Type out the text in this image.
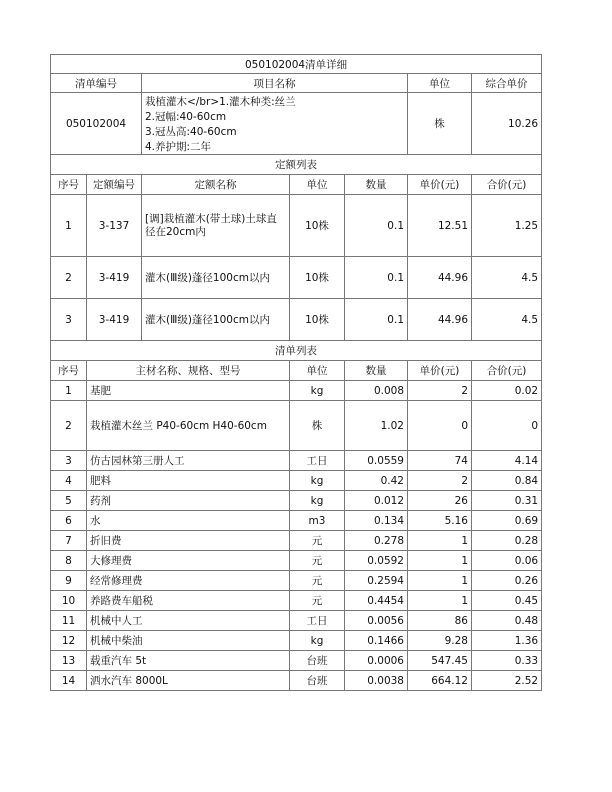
050102004清单详细						
清单编号		项目名称			单位	综合单价
050102004		栽植灌木</br>1.灌木种类:丝兰
2.冠幅:40-60cm
3.冠丛高:40-60cm
4.养护期:二年			株	10.26
定额列表						
序号	定额编号	定额名称	单位	数量	单价(元)	合价(元)
1	3-137	[调]栽植灌木(带土球)土球直径在20cm内	10株	0.1	12.51	1.25
2	3-419	灌木(Ⅲ级)蓬径100cm以内	10株	0.1	44.96	4.5
3	3-419	灌木(Ⅲ级)蓬径100cm以内	10株	0.1	44.96	4.5
清单列表						
序号	主材名称、规格、型号		单位	数量	单价(元)	合价(元)
1	基肥		kg	0.008	2	0.02
2	栽植灌木丝兰 P40-60cm H40-60cm		株	1.02	0	0
3	仿古园林第三册人工		工日	0.0559	74	4.14
4	肥料		kg	0.42	2	0.84
5	药剂		kg	0.012	26	0.31
6	水		m3	0.134	5.16	0.69
7	折旧费		元	0.278	1	0.28
8	大修理费		元	0.0592	1	0.06
9	经常修理费		元	0.2594	1	0.26
10	养路费车船税		元	0.4454	1	0.45
11	机械中人工		工日	0.0056	86	0.48
12	机械中柴油		kg	0.1466	9.28	1.36
13	载重汽车 5t		台班	0.0006	547.45	0.33
14	洒水汽车 8000L		台班	0.0038	664.12	2.52
